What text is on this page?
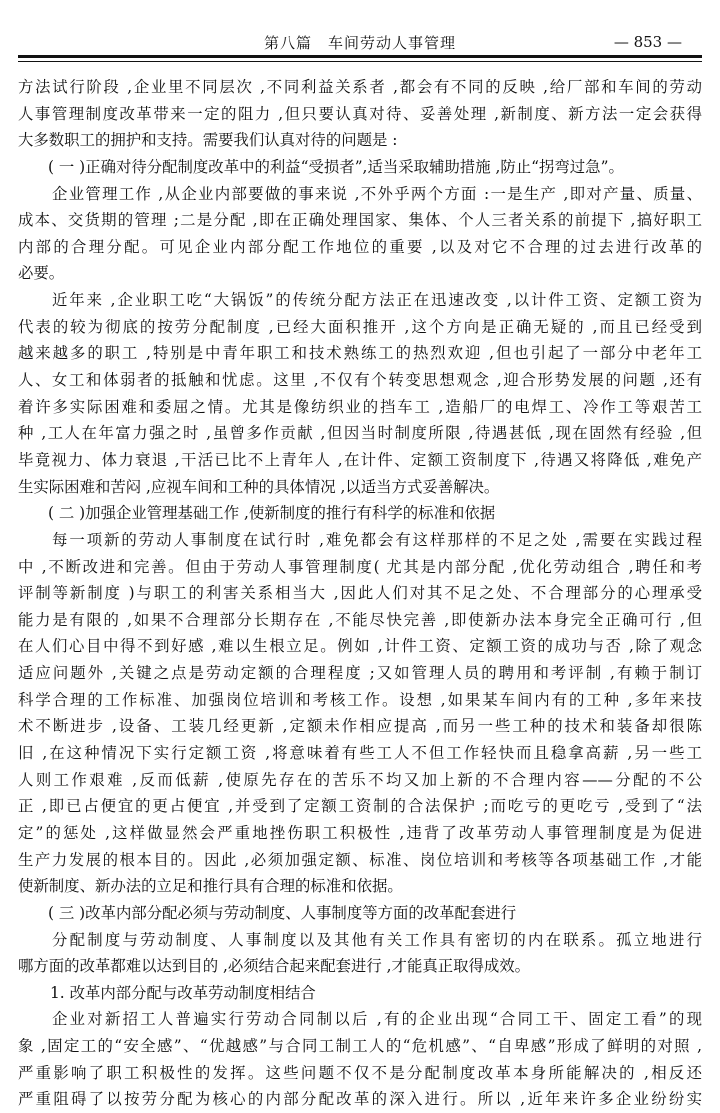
第八篇　车间劳动人事管理	— 853 —
方法试行阶段 ,企业里不同层次 ,不同利益关系者 ,都会有不同的反映 ,给厂部和车间的劳动
人事管理制度改革带来一定的阻力 ,但只要认真对待、妥善处理 ,新制度、新方法一定会获得
大多数职工的拥护和支持。需要我们认真对待的问题是 :
( 一 )正确对待分配制度改革中的利益“受损者”,适当采取辅助措施 ,防止“拐弯过急”。
企业管理工作 ,从企业内部要做的事来说 ,不外乎两个方面 :一是生产 ,即对产量、质量、
成本、交货期的管理 ;二是分配 ,即在正确处理国家、集体、个人三者关系的前提下 ,搞好职工
内部的合理分配。可见企业内部分配工作地位的重要 ,以及对它不合理的过去进行改革的
必要。
近年来 ,企业职工吃“大锅饭”的传统分配方法正在迅速改变 ,以计件工资、定额工资为
代表的较为彻底的按劳分配制度 ,已经大面积推开 ,这个方向是正确无疑的 ,而且已经受到
越来越多的职工 ,特别是中青年职工和技术熟练工的热烈欢迎 ,但也引起了一部分中老年工
人、女工和体弱者的抵触和忧虑。这里 ,不仅有个转变思想观念 ,迎合形势发展的问题 ,还有
着许多实际困难和委屈之情。尤其是像纺织业的挡车工 ,造船厂的电焊工、冷作工等艰苦工
种 ,工人在年富力强之时 ,虽曾多作贡献 ,但因当时制度所限 ,待遇甚低 ,现在固然有经验 ,但
毕竟视力、体力衰退 ,干活已比不上青年人 ,在计件、定额工资制度下 ,待遇又将降低 ,难免产
生实际困难和苦闷 ,应视车间和工种的具体情况 ,以适当方式妥善解决。
( 二 )加强企业管理基础工作 ,使新制度的推行有科学的标准和依据
每一项新的劳动人事制度在试行时 ,难免都会有这样那样的不足之处 ,需要在实践过程
中 ,不断改进和完善。但由于劳动人事管理制度( 尤其是内部分配 ,优化劳动组合 ,聘任和考
评制等新制度 )与职工的利害关系相当大 ,因此人们对其不足之处、不合理部分的心理承受
能力是有限的 ,如果不合理部分长期存在 ,不能尽快完善 ,即使新办法本身完全正确可行 ,但
在人们心目中得不到好感 ,难以生根立足。例如 ,计件工资、定额工资的成功与否 ,除了观念
适应问题外 ,关键之点是劳动定额的合理程度 ;又如管理人员的聘用和考评制 ,有赖于制订
科学合理的工作标准、加强岗位培训和考核工作。设想 ,如果某车间内有的工种 ,多年来技
术不断进步 ,设备、工装几经更新 ,定额未作相应提高 ,而另一些工种的技术和装备却很陈
旧 ,在这种情况下实行定额工资 ,将意味着有些工人不但工作轻快而且稳拿高薪 ,另一些工
人则工作艰难 ,反而低薪 ,使原先存在的苦乐不均又加上新的不合理内容——分配的不公
正 ,即已占便宜的更占便宜 ,并受到了定额工资制的合法保护 ;而吃亏的更吃亏 ,受到了“法
定”的惩处 ,这样做显然会严重地挫伤职工积极性 ,违背了改革劳动人事管理制度是为促进
生产力发展的根本目的。因此 ,必须加强定额、标准、岗位培训和考核等各项基础工作 ,才能
使新制度、新办法的立足和推行具有合理的标准和依据。
( 三 )改革内部分配必须与劳动制度、人事制度等方面的改革配套进行
分配制度与劳动制度、人事制度以及其他有关工作具有密切的内在联系。孤立地进行
哪方面的改革都难以达到目的 ,必须结合起来配套进行 ,才能真正取得成效。
1. 改革内部分配与改革劳动制度相结合
企业对新招工人普遍实行劳动合同制以后 ,有的企业出现“合同工干、固定工看”的现
象 ,固定工的“安全感”、“优越感”与合同工制工人的“危机感”、“自卑感”形成了鲜明的对照 ,
严重影响了职工积极性的发挥。这些问题不仅不是分配制度改革本身所能解决的 ,相反还
严重阻碍了以按劳分配为核心的内部分配改革的深入进行。所以 ,近年来许多企业纷纷实
